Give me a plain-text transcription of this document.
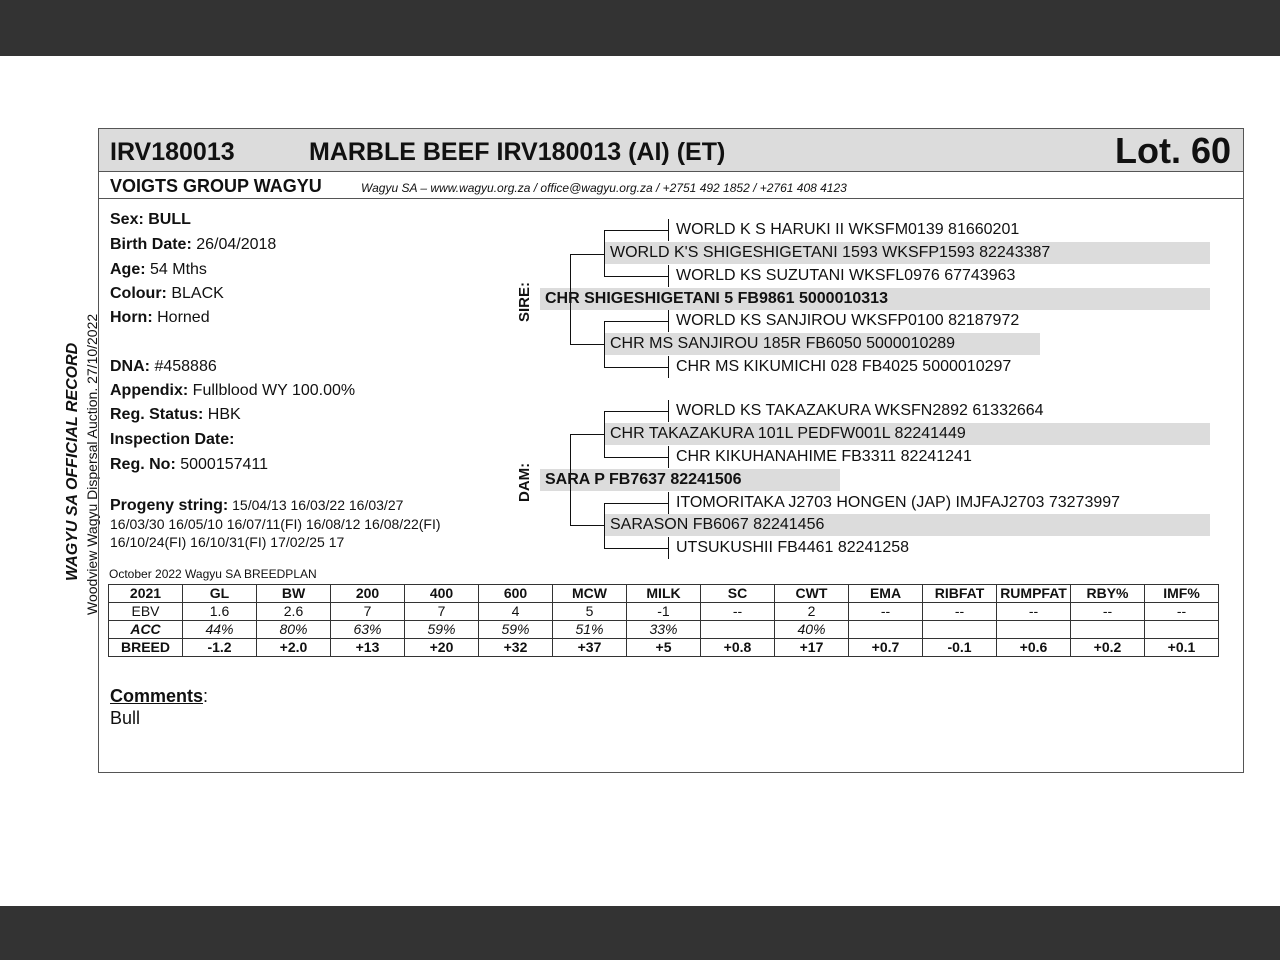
WAGYU SA OFFICIAL RECORD Woodview Wagyu Dispersal Auction. 27/10/2022
IRV180013	MARBLE BEEF IRV180013 (AI) (ET)	Lot. 60
VOIGTS GROUP WAGYU	Wagyu SA – www.wagyu.org.za / office@wagyu.org.za / +2751 492 1852 / +2761 408 4123
Sex: BULL
Birth Date: 26/04/2018
Age: 54 Mths
Colour: BLACK
Horn: Horned
DNA: #458886
Appendix: Fullblood WY 100.00%
Reg. Status: HBK
Inspection Date:
Reg. No: 5000157411
Progeny string: 15/04/13 16/03/22 16/03/27
16/03/30 16/05/10 16/07/11(FI) 16/08/12 16/08/22(FI)
16/10/24(FI) 16/10/31(FI) 17/02/25 17
SIRE:
DAM:
WORLD K S HARUKI II WKSFM0139 81660201
WORLD K'S SHIGESHIGETANI 1593 WKSFP1593 82243387
WORLD KS SUZUTANI WKSFL0976 67743963
CHR SHIGESHIGETANI 5 FB9861 5000010313
WORLD KS SANJIROU WKSFP0100 82187972
CHR MS SANJIROU 185R FB6050 5000010289
CHR MS KIKUMICHI 028 FB4025 5000010297
WORLD KS TAKAZAKURA WKSFN2892 61332664
CHR TAKAZAKURA 101L PEDFW001L 82241449
CHR KIKUHANAHIME FB3311 82241241
SARA P FB7637 82241506
ITOMORITAKA J2703 HONGEN (JAP) IMJFAJ2703 73273997
SARASON FB6067 82241456
UTSUKUSHII FB4461 82241258
October 2022 Wagyu SA BREEDPLAN
2021	GL	BW	200	400	600	MCW	MILK	SC	CWT	EMA	RIBFAT	RUMPFAT	RBY%	IMF%
EBV	1.6	2.6	7	7	4	5	-1	--	2	--	--	--	--	--
ACC	44%	80%	63%	59%	59%	51%	33%		40%					
BREED	-1.2	+2.0	+13	+20	+32	+37	+5	+0.8	+17	+0.7	-0.1	+0.6	+0.2	+0.1
Comments:
Bull
